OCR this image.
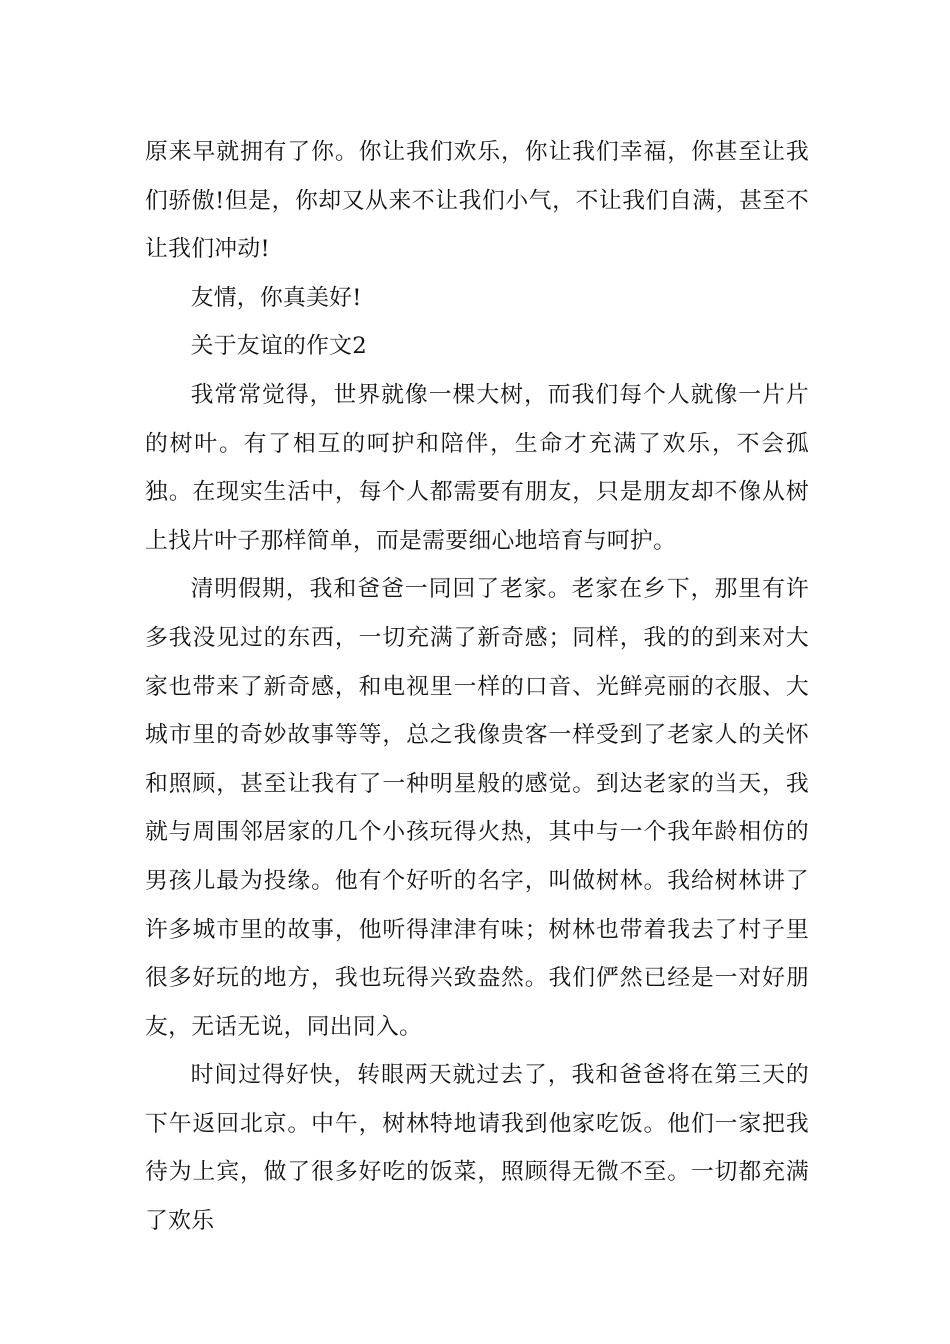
原来早就拥有了你。你让我们欢乐，你让我们幸福，你甚至让我们骄傲!但是，你却又从来不让我们小气，不让我们自满，甚至不让我们冲动!

友情，你真美好!

关于友谊的作文2

我常常觉得，世界就像一棵大树，而我们每个人就像一片片的树叶。有了相互的呵护和陪伴，生命才充满了欢乐，不会孤独。在现实生活中，每个人都需要有朋友，只是朋友却不像从树上找片叶子那样简单，而是需要细心地培育与呵护。

清明假期，我和爸爸一同回了老家。老家在乡下，那里有许多我没见过的东西，一切充满了新奇感；同样，我的的到来对大家也带来了新奇感，和电视里一样的口音、光鲜亮丽的衣服、大城市里的奇妙故事等等，总之我像贵客一样受到了老家人的关怀和照顾，甚至让我有了一种明星般的感觉。到达老家的当天，我就与周围邻居家的几个小孩玩得火热，其中与一个我年龄相仿的男孩儿最为投缘。他有个好听的名字，叫做树林。我给树林讲了许多城市里的故事，他听得津津有味；树林也带着我去了村子里很多好玩的地方，我也玩得兴致盎然。我们俨然已经是一对好朋友，无话无说，同出同入。

时间过得好快，转眼两天就过去了，我和爸爸将在第三天的下午返回北京。中午，树林特地请我到他家吃饭。他们一家把我待为上宾，做了很多好吃的饭菜，照顾得无微不至。一切都充满了欢乐
